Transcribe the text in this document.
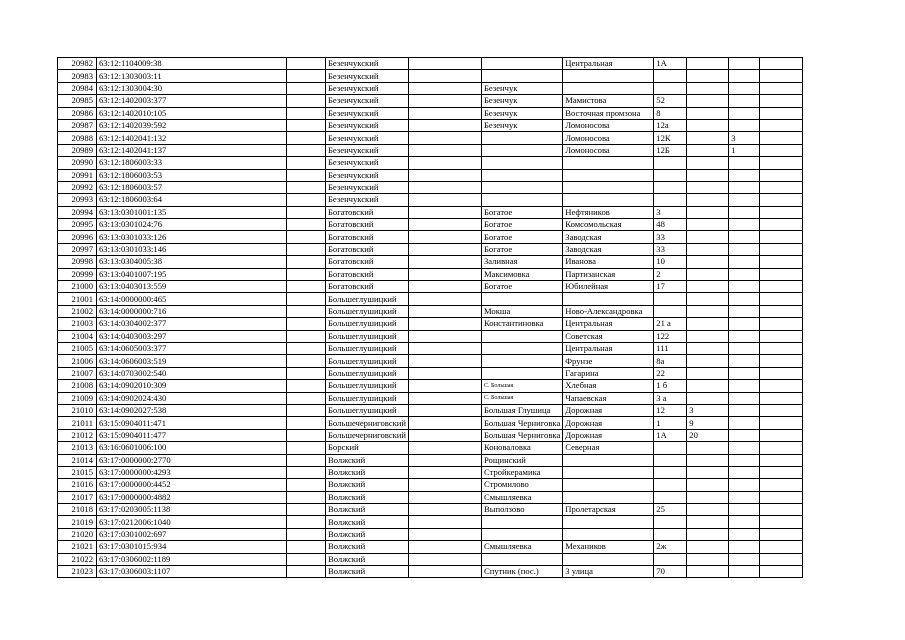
20982	63:12:1104009:38		Безенчукский			Центральная	1А			
20983	63:12:1303003:11		Безенчукский							
20984	63:12:1303004:30		Безенчукский		Безенчук					
20985	63:12:1402003:377		Безенчукский		Безенчук	Мамистова	52			
20986	63:12:1402010:105		Безенчукский		Безенчук	Восточная промзона	8			
20987	63:12:1402039:592		Безенчукский		Безенчук	Ломоносова	12а			
20988	63:12:1402041:132		Безенчукский			Ломоносова	12К		3	
20989	63:12:1402041:137		Безенчукский			Ломоносова	12Б		1	
20990	63:12:1806003:33		Безенчукский							
20991	63:12:1806003:53		Безенчукский							
20992	63:12:1806003:57		Безенчукский							
20993	63:12:1806003:64		Безенчукский							
20994	63:13:0301001:135		Богатовский		Богатое	Нефтяников	3			
20995	63:13:0301024:76		Богатовский		Богатое	Комсомольская	48			
20996	63:13:0301033:126		Богатовский		Богатое	Заводская	33			
20997	63:13:0301033:146		Богатовский		Богатое	Заводская	33			
20998	63:13:0304005:38		Богатовский		Заливная	Иванова	10			
20999	63:13:0401007:195		Богатовский		Максимовка	Партизанская	2			
21000	63:13:0403013:559		Богатовский		Богатое	Юбилейная	17			
21001	63:14:0000000:465		Большеглушицкий							
21002	63:14:0000000:716		Большеглушицкий		Мокша	Ново-Александровка				
21003	63:14:0304002:377		Большеглушицкий		Константиновка	Центральная	21 а			
21004	63:14:0403003:297		Большеглушицкий			Советская	122			
21005	63:14:0605003:377		Большеглушицкий			Центральная	111			
21006	63:14:0606003:519		Большеглушицкий			Фрунзе	8а			
21007	63:14:0703002:540		Большеглушицкий			Гагарина	22			
21008	63:14:0902010:309		Большеглушицкий		С. Большая	Хлебная	1 б			
21009	63:14:0902024:430		Большеглушицкий		С. Большая	Чапаевская	3 а			
21010	63:14:0902027:538		Большеглушицкий		Большая Глушица	Дорожная	12	3		
21011	63:15:0904011:471		Большечерниговский		Большая Черниговка	Дорожная	1	9		
21012	63:15:0904011:477		Большечерниговский		Большая Черниговка	Дорожная	1А	20		
21013	63:16:0601006:100		Борский		Коноваловка	Северная				
21014	63:17:0000000:2770		Волжский		Рощинский					
21015	63:17:0000000:4293		Волжский		Стройкерамика					
21016	63:17:0000000:4452		Волжский		Стромилово					
21017	63:17:0000000:4882		Волжский		Смышляевка					
21018	63:17:0203005:1138		Волжский		Выползово	Пролетарская	25			
21019	63:17:0212006:1040		Волжский							
21020	63:17:0301002:697		Волжский							
21021	63:17:0301015:934		Волжский		Смышляевка	Механиков	2ж			
21022	63:17:0306002:1189		Волжский							
21023	63:17:0306003:1107		Волжский		Спутник (пос.)	3 улица	70			
